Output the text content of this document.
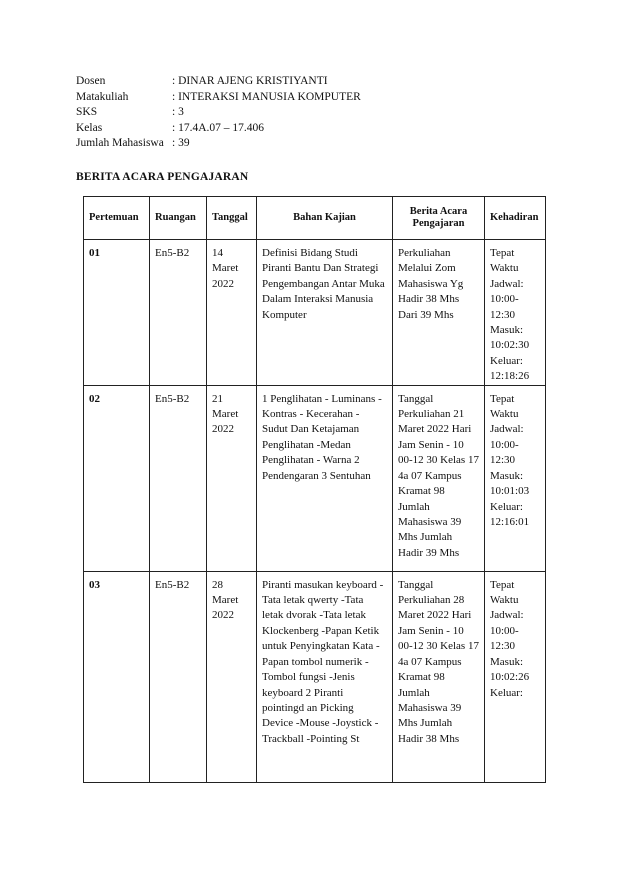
Dosen	: DINAR AJENG KRISTIYANTI
Matakuliah	: INTERAKSI MANUSIA KOMPUTER
SKS	: 3
Kelas	: 17.4A.07 – 17.406
Jumlah Mahasiswa : 39
BERITA ACARA PENGAJARAN
Pertemuan	Ruangan	Tanggal	Bahan Kajian	Berita Acara Pengajaran	Kehadiran
01	En5-B2	14 Maret 2022	Definisi Bidang Studi Piranti Bantu Dan Strategi Pengembangan Antar Muka Dalam Interaksi Manusia Komputer	Perkuliahan Melalui Zom Mahasiswa Yg Hadir 38 Mhs Dari 39 Mhs	Tepat Waktu Jadwal: 10:00-12:30 Masuk: 10:02:30 Keluar: 12:18:26
02	En5-B2	21 Maret 2022	1 Penglihatan - Luminans - Kontras - Kecerahan - Sudut Dan Ketajaman Penglihatan -Medan Penglihatan - Warna 2 Pendengaran 3 Sentuhan	Tanggal Perkuliahan 21 Maret 2022 Hari Jam Senin - 10 00-12 30 Kelas 17 4a 07 Kampus Kramat 98 Jumlah Mahasiswa 39 Mhs Jumlah Hadir 39 Mhs	Tepat Waktu Jadwal: 10:00-12:30 Masuk: 10:01:03 Keluar: 12:16:01
03	En5-B2	28 Maret 2022	Piranti masukan keyboard -Tata letak qwerty -Tata letak dvorak -Tata letak Klockenberg -Papan Ketik untuk Penyingkatan Kata -Papan tombol numerik -Tombol fungsi -Jenis keyboard 2 Piranti pointingd an Picking Device -Mouse -Joystick -Trackball -Pointing St	Tanggal Perkuliahan 28 Maret 2022 Hari Jam Senin - 10 00-12 30 Kelas 17 4a 07 Kampus Kramat 98 Jumlah Mahasiswa 39 Mhs Jumlah Hadir 38 Mhs	Tepat Waktu Jadwal: 10:00-12:30 Masuk: 10:02:26 Keluar:
